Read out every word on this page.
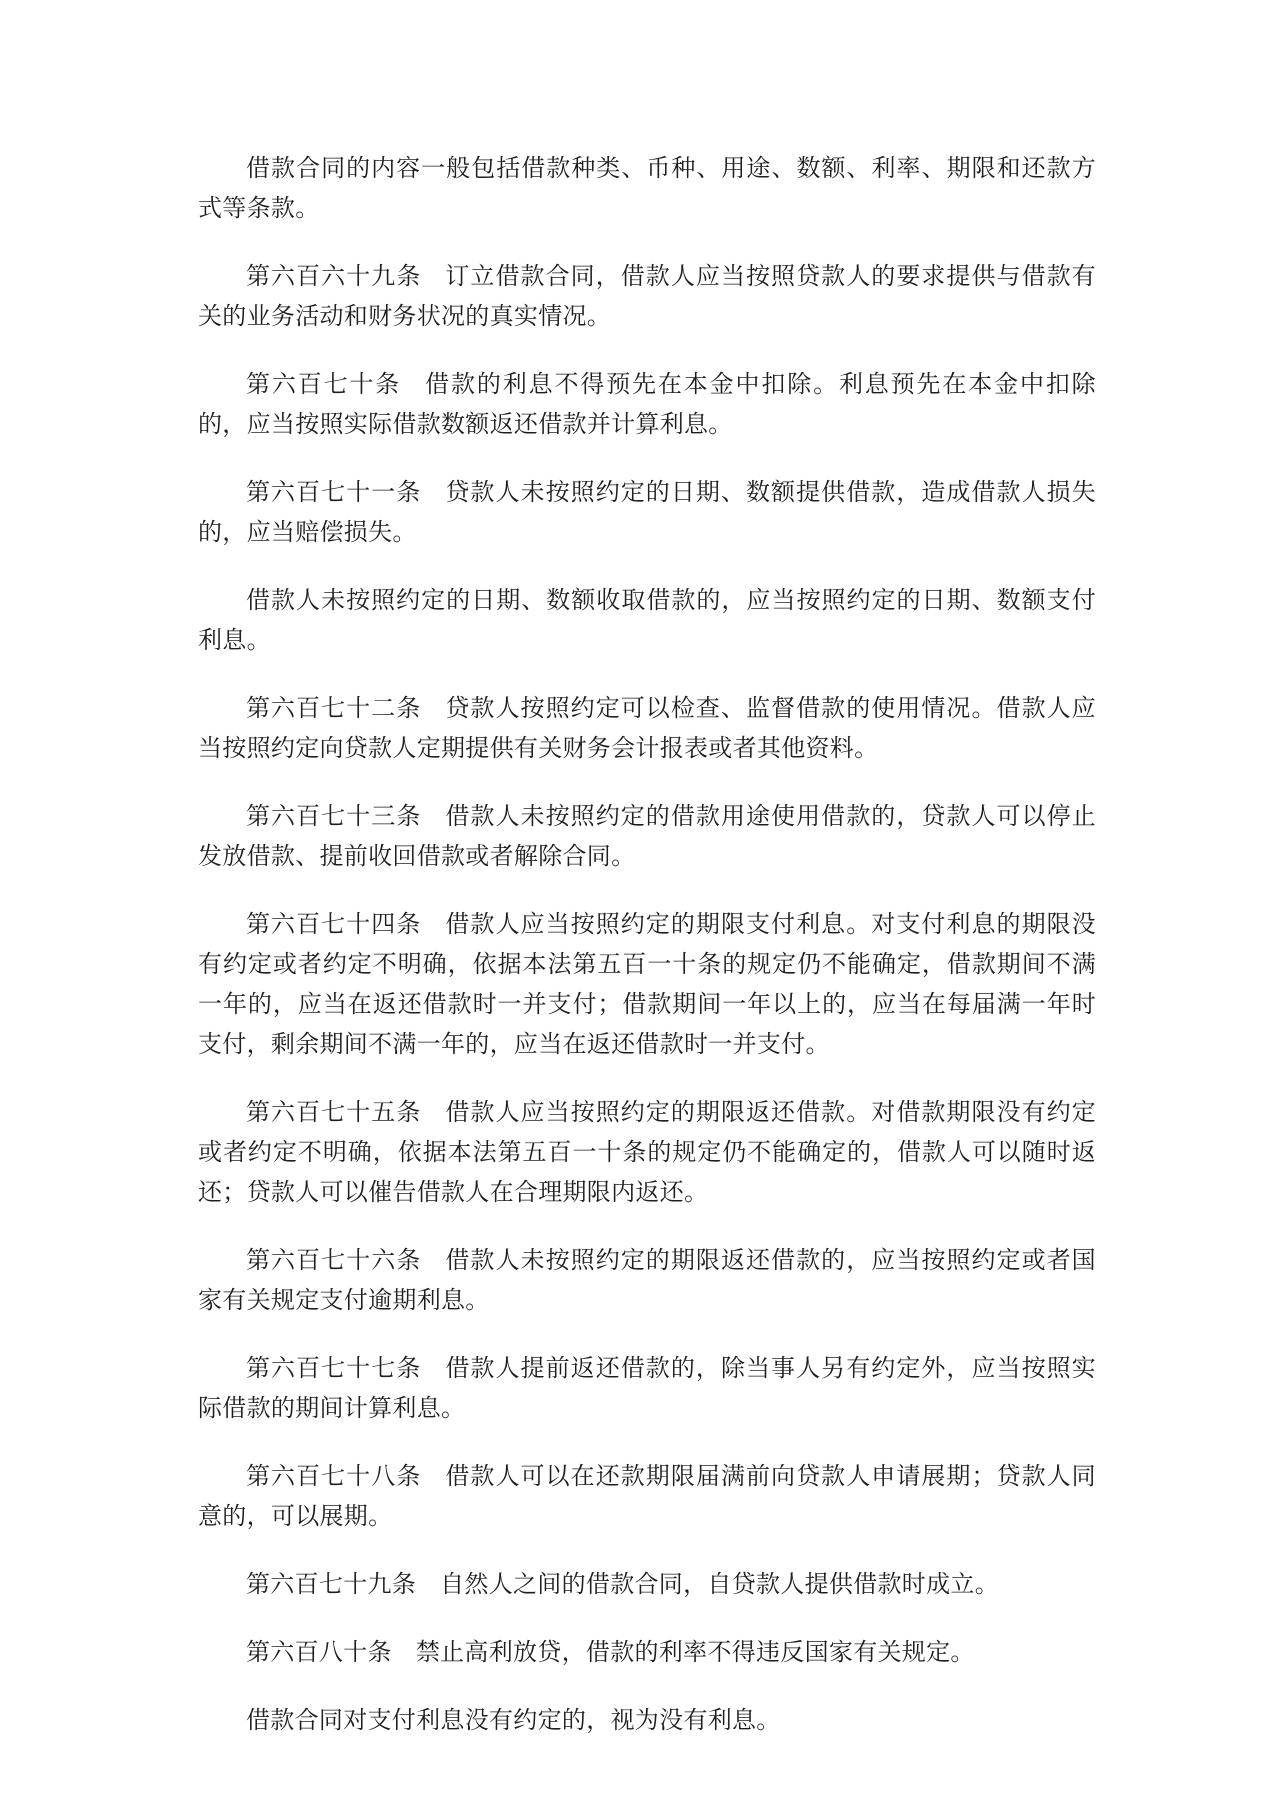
借款合同的内容一般包括借款种类、币种、用途、数额、利率、期限和还款方式等条款。

第六百六十九条 订立借款合同，借款人应当按照贷款人的要求提供与借款有关的业务活动和财务状况的真实情况。

第六百七十条 借款的利息不得预先在本金中扣除。利息预先在本金中扣除的，应当按照实际借款数额返还借款并计算利息。

第六百七十一条 贷款人未按照约定的日期、数额提供借款，造成借款人损失的，应当赔偿损失。

借款人未按照约定的日期、数额收取借款的，应当按照约定的日期、数额支付利息。

第六百七十二条 贷款人按照约定可以检查、监督借款的使用情况。借款人应当按照约定向贷款人定期提供有关财务会计报表或者其他资料。

第六百七十三条 借款人未按照约定的借款用途使用借款的，贷款人可以停止发放借款、提前收回借款或者解除合同。

第六百七十四条 借款人应当按照约定的期限支付利息。对支付利息的期限没有约定或者约定不明确，依据本法第五百一十条的规定仍不能确定，借款期间不满一年的，应当在返还借款时一并支付；借款期间一年以上的，应当在每届满一年时支付，剩余期间不满一年的，应当在返还借款时一并支付。

第六百七十五条 借款人应当按照约定的期限返还借款。对借款期限没有约定或者约定不明确，依据本法第五百一十条的规定仍不能确定的，借款人可以随时返还；贷款人可以催告借款人在合理期限内返还。

第六百七十六条 借款人未按照约定的期限返还借款的，应当按照约定或者国家有关规定支付逾期利息。

第六百七十七条 借款人提前返还借款的，除当事人另有约定外，应当按照实际借款的期间计算利息。

第六百七十八条 借款人可以在还款期限届满前向贷款人申请展期；贷款人同意的，可以展期。

第六百七十九条 自然人之间的借款合同，自贷款人提供借款时成立。

第六百八十条 禁止高利放贷，借款的利率不得违反国家有关规定。

借款合同对支付利息没有约定的，视为没有利息。
